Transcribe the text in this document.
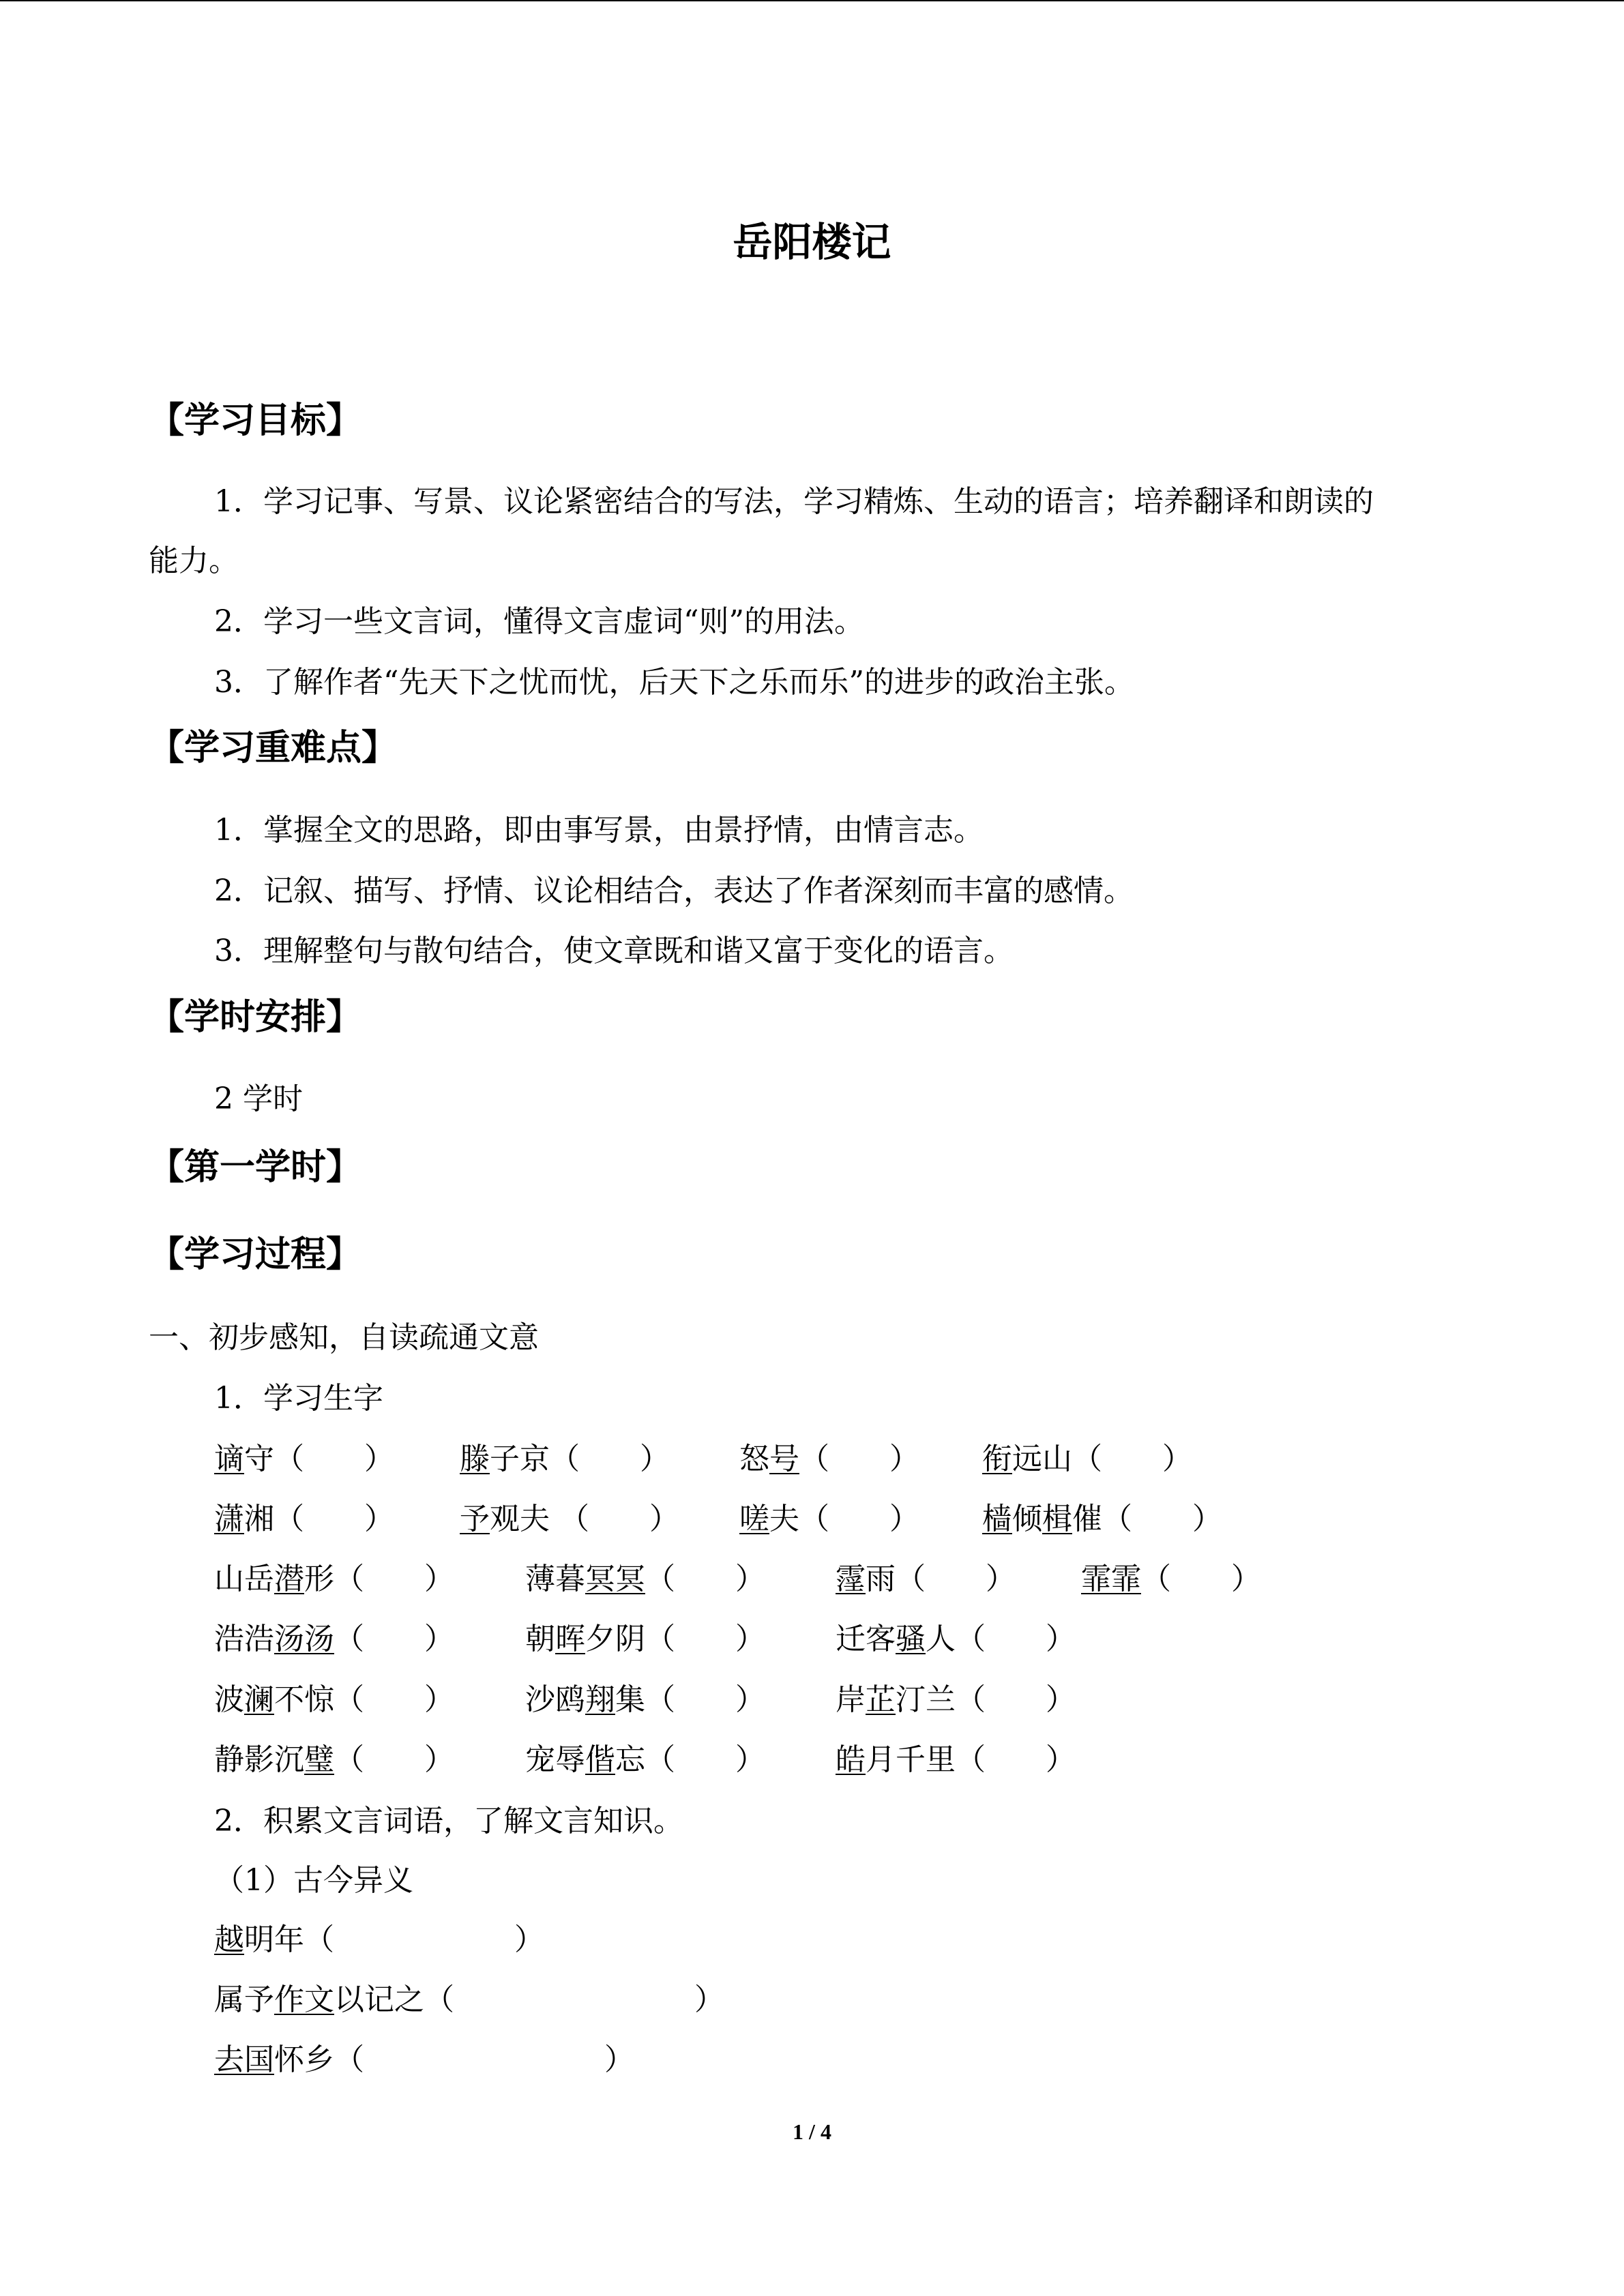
岳阳楼记
【学习目标】
1．学习记事、写景、议论紧密结合的写法，学习精炼、生动的语言；培养翻译和朗读的
能力。
2．学习一些文言词，懂得文言虚词“则”的用法。
3．了解作者“先天下之忧而忧，后天下之乐而乐”的进步的政治主张。
【学习重难点】
1．掌握全文的思路，即由事写景，由景抒情，由情言志。
2．记叙、描写、抒情、议论相结合，表达了作者深刻而丰富的感情。
3．理解整句与散句结合，使文章既和谐又富于变化的语言。
【学时安排】
2 学时
【第一学时】
【学习过程】
一、初步感知，自读疏通文意
1．学习生字
谪守（　　） 滕子京（　　） 怒号（　　） 衔远山（　　）
潇湘（　　） 予观夫 （　　） 嗟夫（　　） 樯倾楫催（　　）
山岳潜形（　　） 薄暮冥冥（　　） 霪雨（　　） 霏霏（　　）
浩浩汤汤（　　） 朝晖夕阴（　　） 迁客骚人（　　）
波澜不惊（　　） 沙鸥翔集（　　） 岸芷汀兰（　　）
静影沉璧（　　） 宠辱偕忘（　　） 皓月千里（　　）
2．积累文言词语，了解文言知识。
（1）古今异义
越明年（　　　　　　）
属予作文以记之（　　　　　　　　）
去国怀乡（　　　　　　　　）
1 / 4
